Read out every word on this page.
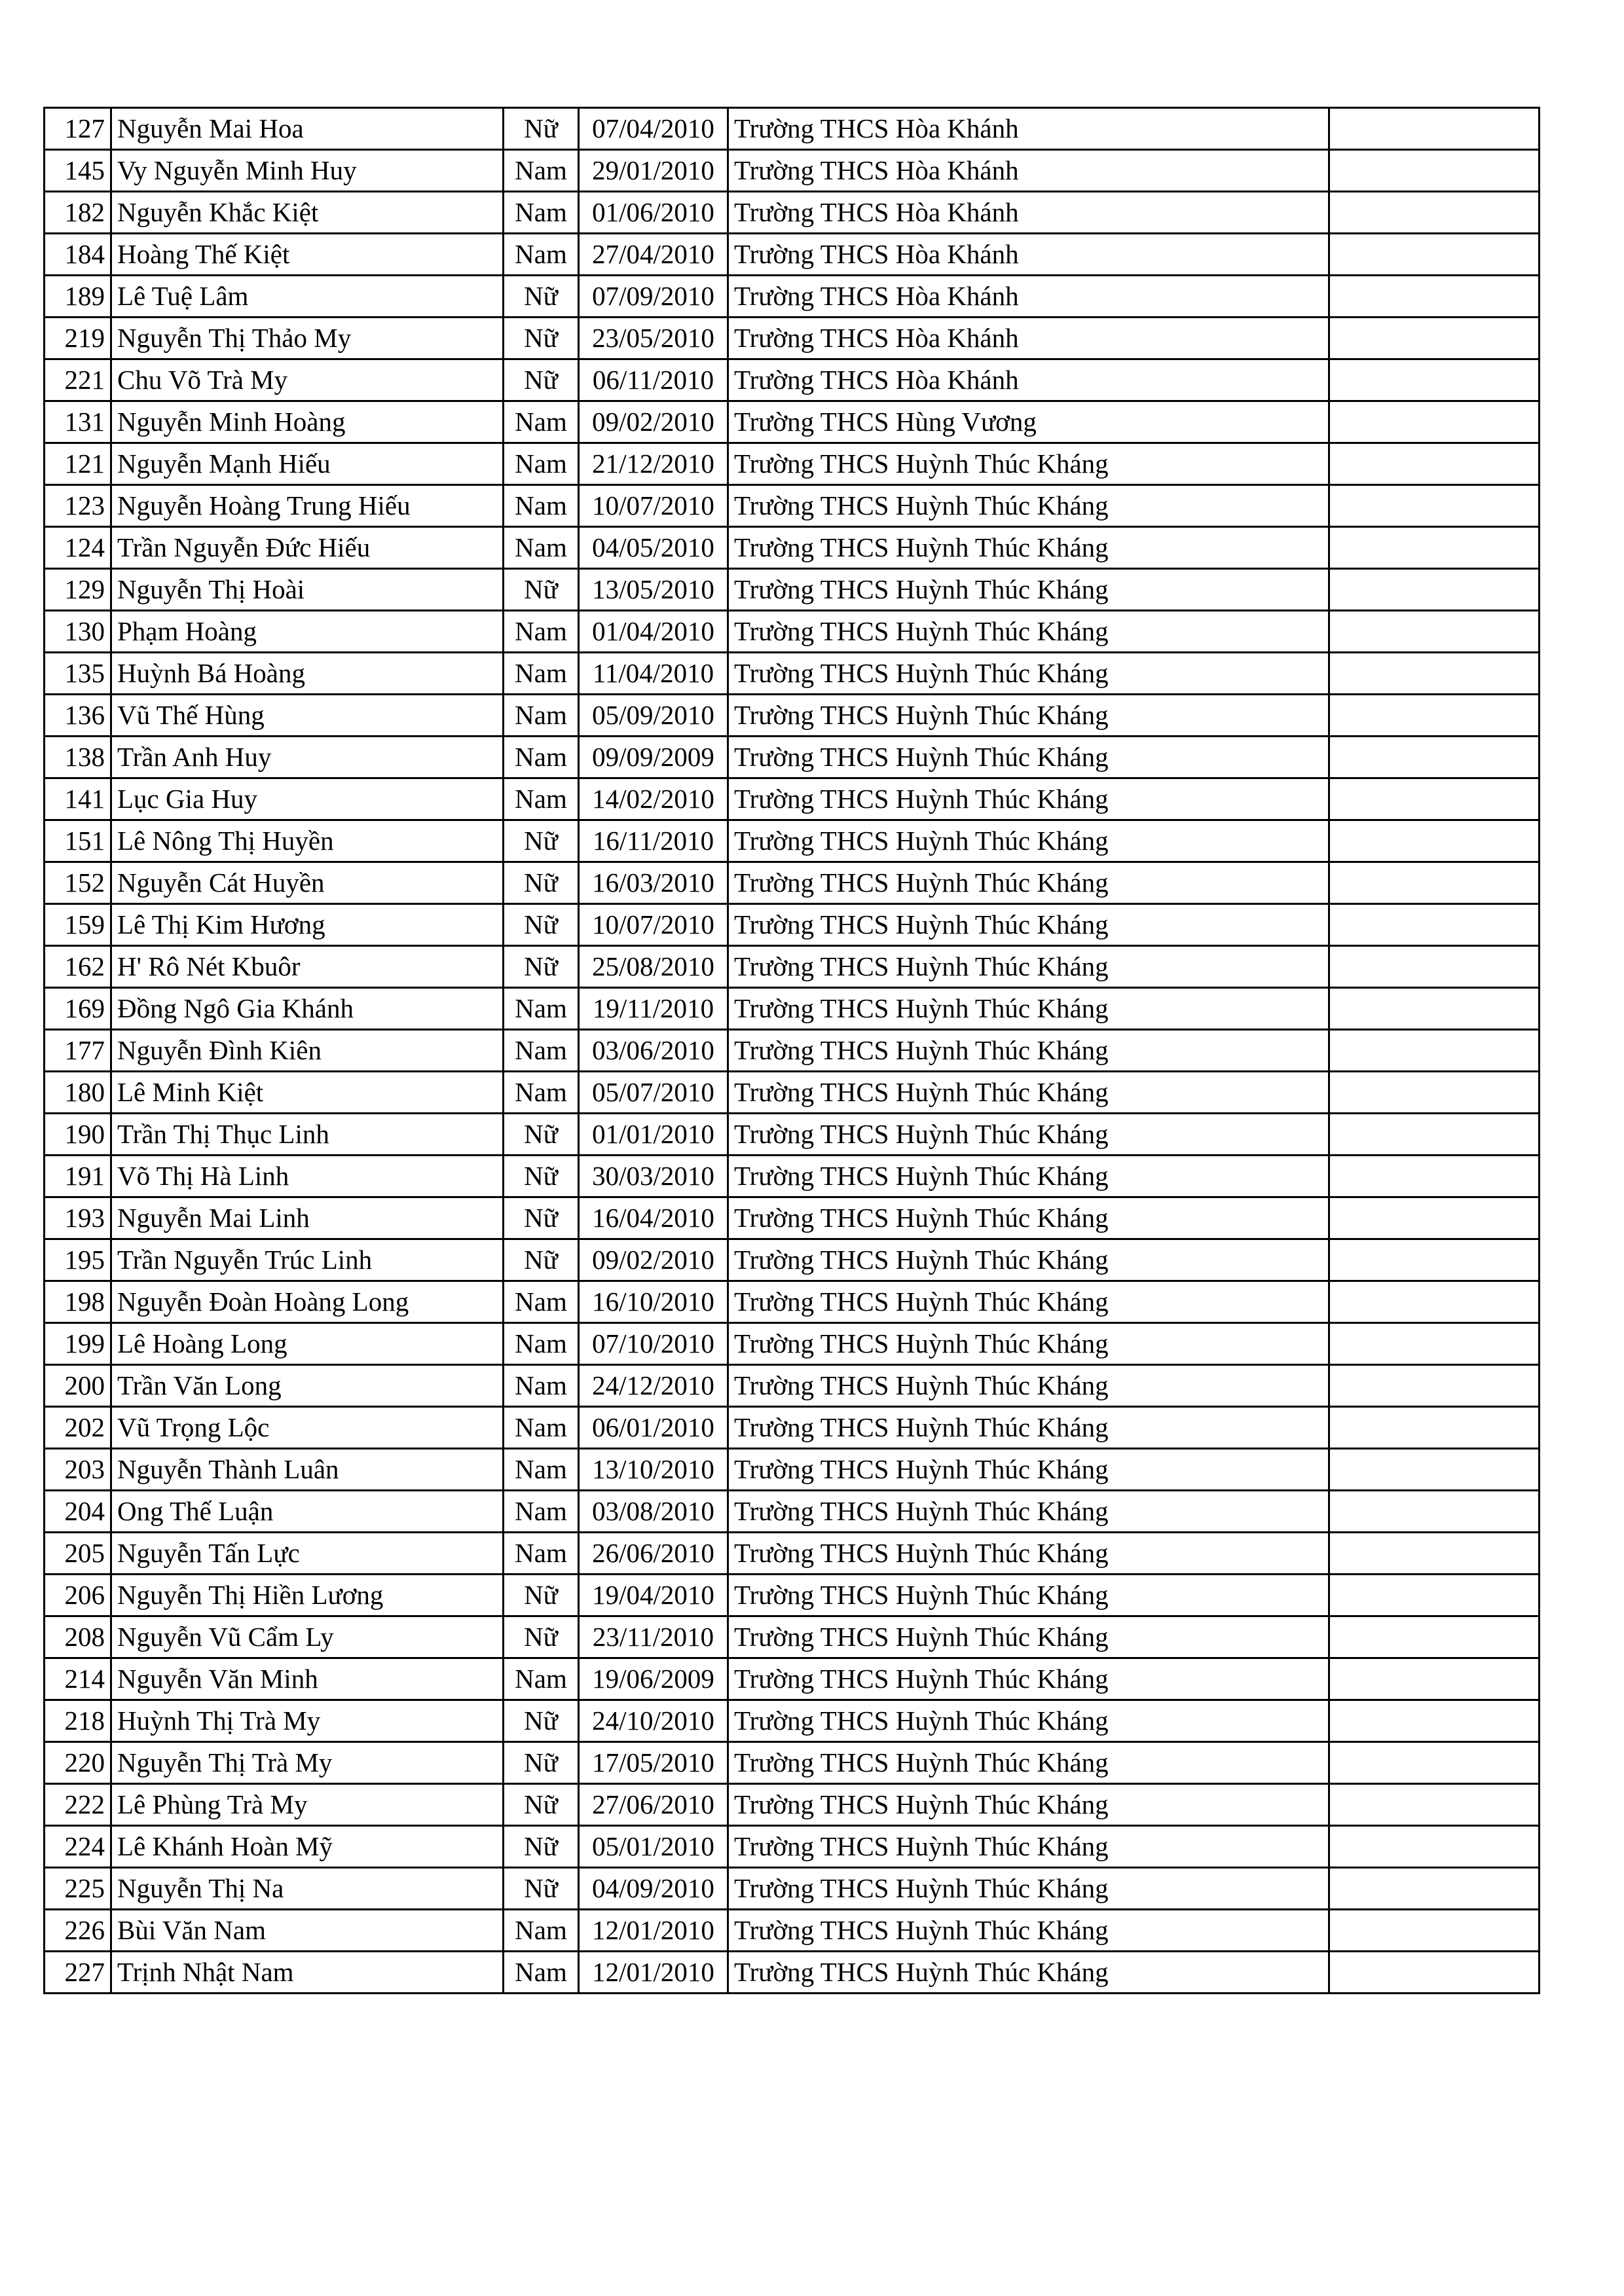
127	Nguyễn Mai Hoa	Nữ	07/04/2010	Trường THCS Hòa Khánh	
145	Vy Nguyễn Minh Huy	Nam	29/01/2010	Trường THCS Hòa Khánh	
182	Nguyễn Khắc Kiệt	Nam	01/06/2010	Trường THCS Hòa Khánh	
184	Hoàng Thế Kiệt	Nam	27/04/2010	Trường THCS Hòa Khánh	
189	Lê Tuệ Lâm	Nữ	07/09/2010	Trường THCS Hòa Khánh	
219	Nguyễn Thị Thảo My	Nữ	23/05/2010	Trường THCS Hòa Khánh	
221	Chu Võ Trà My	Nữ	06/11/2010	Trường THCS Hòa Khánh	
131	Nguyễn Minh Hoàng	Nam	09/02/2010	Trường THCS Hùng Vương	
121	Nguyễn Mạnh Hiếu	Nam	21/12/2010	Trường THCS Huỳnh Thúc Kháng	
123	Nguyễn Hoàng Trung Hiếu	Nam	10/07/2010	Trường THCS Huỳnh Thúc Kháng	
124	Trần Nguyễn Đức Hiếu	Nam	04/05/2010	Trường THCS Huỳnh Thúc Kháng	
129	Nguyễn Thị Hoài	Nữ	13/05/2010	Trường THCS Huỳnh Thúc Kháng	
130	Phạm Hoàng	Nam	01/04/2010	Trường THCS Huỳnh Thúc Kháng	
135	Huỳnh Bá Hoàng	Nam	11/04/2010	Trường THCS Huỳnh Thúc Kháng	
136	Vũ Thế Hùng	Nam	05/09/2010	Trường THCS Huỳnh Thúc Kháng	
138	Trần Anh Huy	Nam	09/09/2009	Trường THCS Huỳnh Thúc Kháng	
141	Lục Gia Huy	Nam	14/02/2010	Trường THCS Huỳnh Thúc Kháng	
151	Lê Nông Thị Huyền	Nữ	16/11/2010	Trường THCS Huỳnh Thúc Kháng	
152	Nguyễn Cát Huyền	Nữ	16/03/2010	Trường THCS Huỳnh Thúc Kháng	
159	Lê Thị Kim Hương	Nữ	10/07/2010	Trường THCS Huỳnh Thúc Kháng	
162	H' Rô Nét Kbuôr	Nữ	25/08/2010	Trường THCS Huỳnh Thúc Kháng	
169	Đồng Ngô Gia Khánh	Nam	19/11/2010	Trường THCS Huỳnh Thúc Kháng	
177	Nguyễn Đình Kiên	Nam	03/06/2010	Trường THCS Huỳnh Thúc Kháng	
180	Lê Minh Kiệt	Nam	05/07/2010	Trường THCS Huỳnh Thúc Kháng	
190	Trần Thị Thục Linh	Nữ	01/01/2010	Trường THCS Huỳnh Thúc Kháng	
191	Võ Thị Hà Linh	Nữ	30/03/2010	Trường THCS Huỳnh Thúc Kháng	
193	Nguyễn Mai Linh	Nữ	16/04/2010	Trường THCS Huỳnh Thúc Kháng	
195	Trần Nguyễn Trúc Linh	Nữ	09/02/2010	Trường THCS Huỳnh Thúc Kháng	
198	Nguyễn Đoàn Hoàng Long	Nam	16/10/2010	Trường THCS Huỳnh Thúc Kháng	
199	Lê Hoàng Long	Nam	07/10/2010	Trường THCS Huỳnh Thúc Kháng	
200	Trần Văn Long	Nam	24/12/2010	Trường THCS Huỳnh Thúc Kháng	
202	Vũ Trọng Lộc	Nam	06/01/2010	Trường THCS Huỳnh Thúc Kháng	
203	Nguyễn Thành Luân	Nam	13/10/2010	Trường THCS Huỳnh Thúc Kháng	
204	Ong Thế Luận	Nam	03/08/2010	Trường THCS Huỳnh Thúc Kháng	
205	Nguyễn Tấn Lực	Nam	26/06/2010	Trường THCS Huỳnh Thúc Kháng	
206	Nguyễn Thị Hiền Lương	Nữ	19/04/2010	Trường THCS Huỳnh Thúc Kháng	
208	Nguyễn Vũ Cẩm Ly	Nữ	23/11/2010	Trường THCS Huỳnh Thúc Kháng	
214	Nguyễn Văn Minh	Nam	19/06/2009	Trường THCS Huỳnh Thúc Kháng	
218	Huỳnh Thị Trà My	Nữ	24/10/2010	Trường THCS Huỳnh Thúc Kháng	
220	Nguyễn Thị Trà My	Nữ	17/05/2010	Trường THCS Huỳnh Thúc Kháng	
222	Lê Phùng Trà My	Nữ	27/06/2010	Trường THCS Huỳnh Thúc Kháng	
224	Lê Khánh Hoàn Mỹ	Nữ	05/01/2010	Trường THCS Huỳnh Thúc Kháng	
225	Nguyễn Thị Na	Nữ	04/09/2010	Trường THCS Huỳnh Thúc Kháng	
226	Bùi Văn Nam	Nam	12/01/2010	Trường THCS Huỳnh Thúc Kháng	
227	Trịnh Nhật Nam	Nam	12/01/2010	Trường THCS Huỳnh Thúc Kháng	
